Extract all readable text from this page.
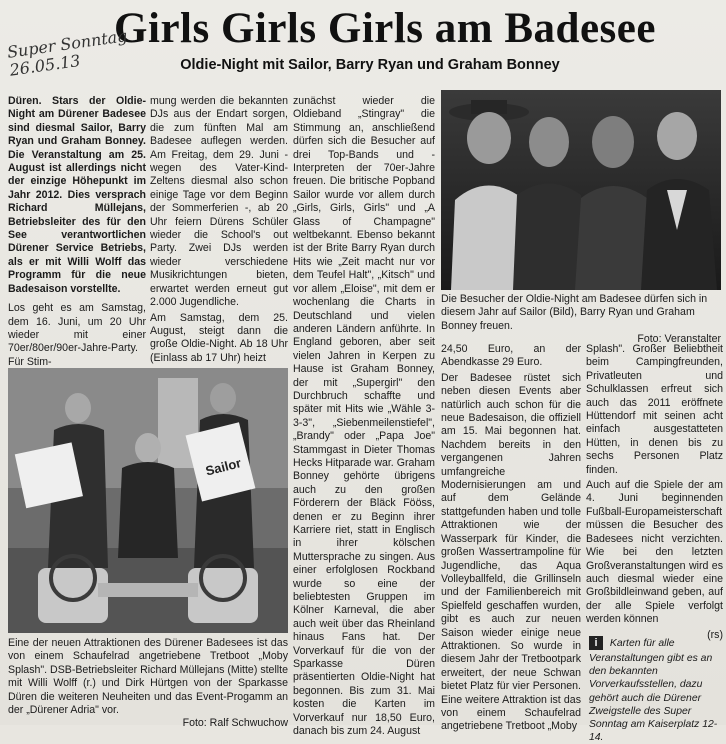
Girls Girls Girls am Badesee
Super Sonntag 26.05.13	Oldie-Night mit Sailor, Barry Ryan und Graham Bonney

Düren. Stars der Oldie-Night am Dürener Badesee sind diesmal Sailor, Barry Ryan und Graham Bonney. Die Veranstaltung am 25. August ist allerdings nicht der einzige Höhepunkt im Jahr 2012. Dies versprach Richard Müllejans, Betriebsleiter des für den See verantwortlichen Dürener Service Betriebs, als er mit Willi Wolff das Programm für die neue Badesaison vorstellte.

Los geht es am Samstag, dem 16. Juni, um 20 Uhr wieder mit einer 70er/80er/90er-Jahre-Party. Für Stim-

mung werden die bekannten DJs aus der Endart sorgen, die zum fünften Mal am Badesee auflegen werden. Am Freitag, dem 29. Juni - wegen des Vater-Kind-Zeltens diesmal also schon einige Tage vor dem Beginn der Sommerferien -, ab 20 Uhr feiern Dürens Schüler wieder die School's out Party. Zwei DJs werden wieder verschiedene Musikrichtungen bieten, erwartet werden erneut gut 2.000 Jugendliche.

Am Samstag, dem 25. August, steigt dann die große Oldie-Night. Ab 18 Uhr (Einlass ab 17 Uhr) heizt

zunächst wieder die Oldieband „Stingray" die Stimmung an, anschließend dürfen sich die Besucher auf drei Top-Bands und -Interpreten der 70er-Jahre freuen. Die britische Popband Sailor wurde vor allem durch „Girls, Girls, Girls" und „A Glass of Champagne" weltbekannt. Ebenso bekannt ist der Brite Barry Ryan durch Hits wie „Zeit macht nur vor dem Teufel Halt", „Kitsch" und vor allem „Eloise", mit dem er wochenlang die Charts in Deutschland und vielen anderen Ländern anführte. In England geboren, aber seit vielen Jahren in Kerpen zu Hause ist Graham Bonney, der mit „Supergirl" den Durchbruch schaffte und später mit Hits wie „Wähle 3-3-3", „Siebenmeilenstiefel", „Brandy" oder „Papa Joe" Stammgast in Dieter Thomas Hecks Hitparade war. Graham Bonney gehörte übrigens auch zu den großen Förderern der Bläck Fööss, denen er zu Beginn ihrer Karriere riet, statt in Englisch in ihrer kölschen Muttersprache zu singen. Aus einer erfolglosen Rockband wurde so eine der beliebtesten Gruppen im Kölner Karneval, die aber auch weit über das Rheinland hinaus Fans hat. Der Vorverkauf für die von der Sparkasse Düren präsentierten Oldie-Night hat begonnen. Bis zum 31. Mai kosten die Karten im Vorverkauf nur 18,50 Euro, danach bis zum 24. August

Die Besucher der Oldie-Night am Badesee dürfen sich in diesem Jahr auf Sailor (Bild), Barry Ryan und Graham Bonney freuen.
Foto: Veranstalter
Sailor
Eine der neuen Attraktionen des Dürener Badesees ist das von einem Schaufelrad angetriebene Tretboot „Moby Splash". DSB-Betriebsleiter Richard Müllejans (Mitte) stellte mit Willi Wolff (r.) und Dirk Hürtgen von der Sparkasse Düren die weiteren Neuheiten und das Event-Progamm an der „Dürener Adria" vor.
Foto: Ralf Schwuchow

24,50 Euro, an der Abendkasse 29 Euro.

Der Badesee rüstet sich neben diesen Events aber natürlich auch schon für die neue Badesaison, die offiziell am 15. Mai begonnen hat. Nachdem bereits in den vergangenen Jahren umfangreiche Modernisierungen am und auf dem Gelände stattgefunden haben und tolle Attraktionen wie der Wasserpark für Kinder, die großen Wassertrampoline für Jugendliche, das Aqua Volleyballfeld, die Grillinseln und der Familienbereich mit Spielfeld geschaffen wurden, gibt es auch zur neuen Saison wieder einige neue Attraktionen. So wurde in diesem Jahr der Tretbootpark erweitert, der neue Schwan bietet Platz für vier Personen. Eine weitere Attraktion ist das von einem Schaufelrad angetriebene Tretboot „Moby

Splash". Großer Beliebtheit beim Campingfreunden, Privatleuten und Schulklassen erfreut sich auch das 2011 eröffnete Hüttendorf mit seinen acht einfach ausgestatteten Hütten, in denen bis zu sechs Personen Platz finden.

Auch auf die Spiele der am 4. Juni beginnenden Fußball-Europameisterschaft müssen die Besucher des Badesees nicht verzichten. Wie bei den letzten Großveranstaltungen wird es auch diesmal wieder eine Großbildleinwand geben, auf der alle Spiele verfolgt werden können

(rs)

i Karten für alle Veranstaltungen gibt es an den bekannten Vorverkaufsstellen, dazu gehört auch die Dürener Zweigstelle des Super Sonntag am Kaiserplatz 12-14.
